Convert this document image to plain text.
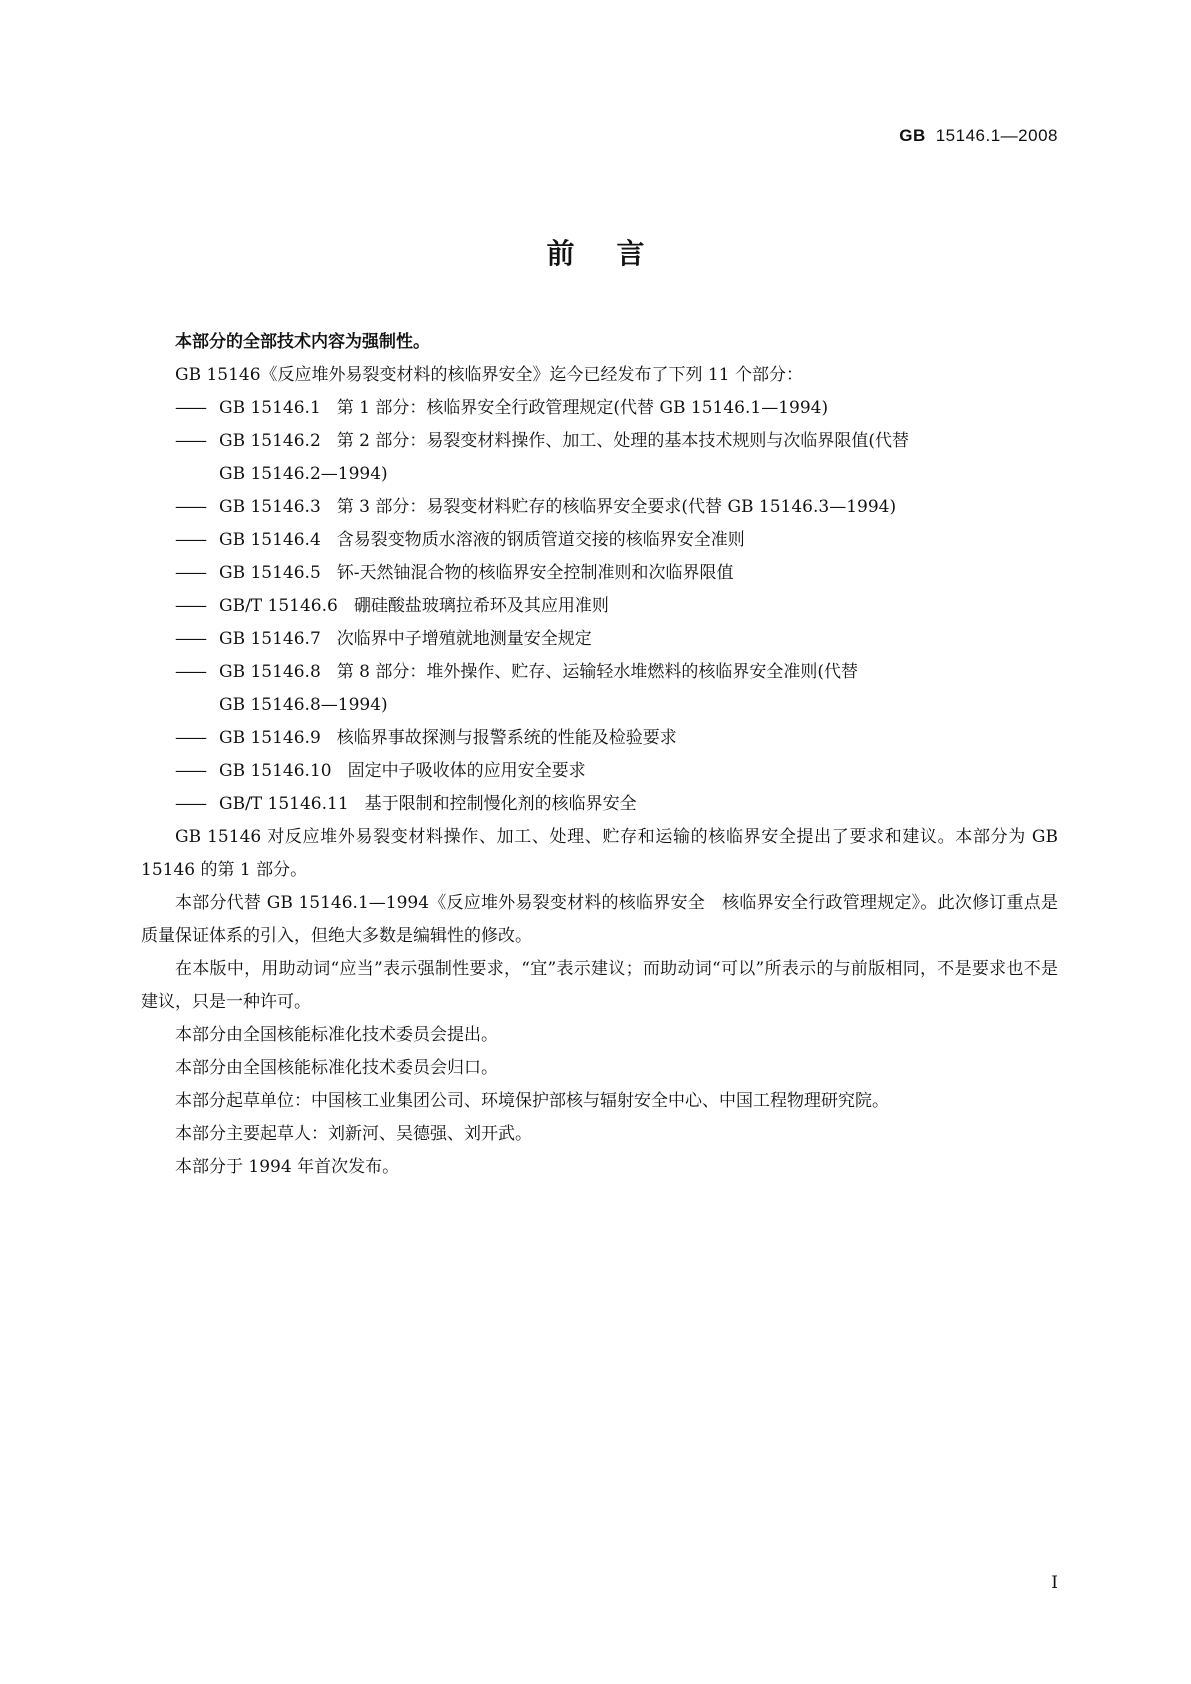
GB 15146.1—2008
前言

本部分的全部技术内容为强制性。

GB 15146《反应堆外易裂变材料的核临界安全》迄今已经发布了下列 11 个部分：

—— GB 15146.1 第 1 部分：核临界安全行政管理规定(代替 GB 15146.1—1994)
—— GB 15146.2 第 2 部分：易裂变材料操作、加工、处理的基本技术规则与次临界限值(代替
GB 15146.2—1994)
—— GB 15146.3 第 3 部分：易裂变材料贮存的核临界安全要求(代替 GB 15146.3—1994)
—— GB 15146.4 含易裂变物质水溶液的钢质管道交接的核临界安全准则
—— GB 15146.5 钚-天然铀混合物的核临界安全控制准则和次临界限值
—— GB/T 15146.6 硼硅酸盐玻璃拉希环及其应用准则
—— GB 15146.7 次临界中子增殖就地测量安全规定
—— GB 15146.8 第 8 部分：堆外操作、贮存、运输轻水堆燃料的核临界安全准则(代替
GB 15146.8—1994)
—— GB 15146.9 核临界事故探测与报警系统的性能及检验要求
—— GB 15146.10 固定中子吸收体的应用安全要求
—— GB/T 15146.11 基于限制和控制慢化剂的核临界安全

GB 15146 对反应堆外易裂变材料操作、加工、处理、贮存和运输的核临界安全提出了要求和建议。本部分为 GB 15146 的第 1 部分。

本部分代替 GB 15146.1—1994《反应堆外易裂变材料的核临界安全　核临界安全行政管理规定》。此次修订重点是质量保证体系的引入，但绝大多数是编辑性的修改。

在本版中，用助动词“应当”表示强制性要求，“宜”表示建议；而助动词“可以”所表示的与前版相同，不是要求也不是建议，只是一种许可。

本部分由全国核能标准化技术委员会提出。

本部分由全国核能标准化技术委员会归口。

本部分起草单位：中国核工业集团公司、环境保护部核与辐射安全中心、中国工程物理研究院。

本部分主要起草人：刘新河、吴德强、刘开武。

本部分于 1994 年首次发布。

I
